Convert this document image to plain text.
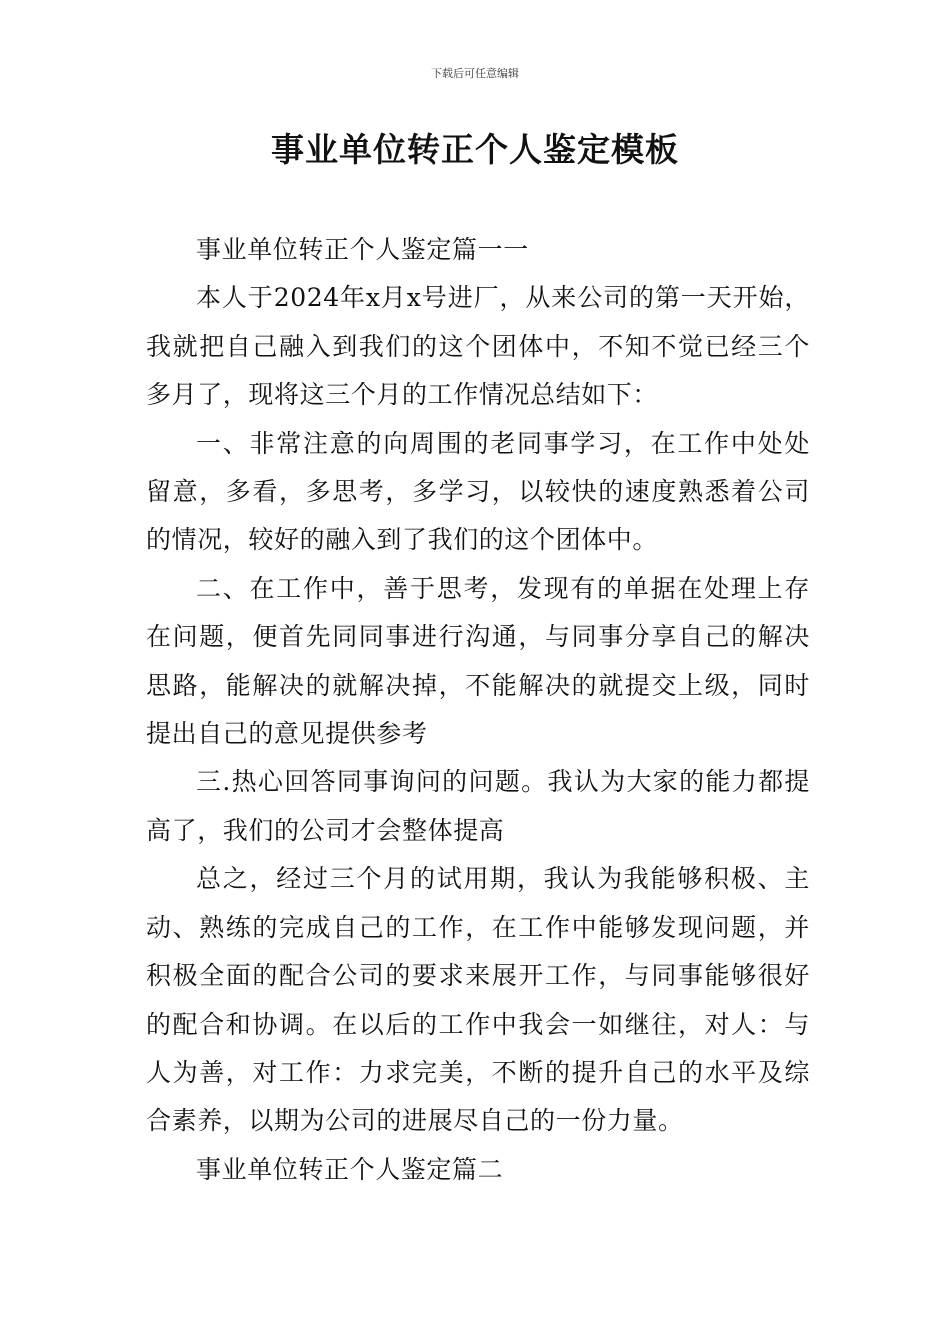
下载后可任意编辑
事业单位转正个人鉴定模板

事业单位转正个人鉴定篇一一

本人于2024年x月x号进厂，从来公司的第一天开始，我就把自己融入到我们的这个团体中，不知不觉已经三个多月了，现将这三个月的工作情况总结如下：

一、非常注意的向周围的老同事学习，在工作中处处留意，多看，多思考，多学习，以较快的速度熟悉着公司的情况，较好的融入到了我们的这个团体中。

二、在工作中，善于思考，发现有的单据在处理上存在问题，便首先同同事进行沟通，与同事分享自己的解决思路，能解决的就解决掉，不能解决的就提交上级，同时提出自己的意见提供参考

三.热心回答同事询问的问题。我认为大家的能力都提高了，我们的公司才会整体提高

总之，经过三个月的试用期，我认为我能够积极、主动、熟练的完成自己的工作，在工作中能够发现问题，并积极全面的配合公司的要求来展开工作，与同事能够很好的配合和协调。在以后的工作中我会一如继往，对人：与人为善，对工作：力求完美，不断的提升自己的水平及综合素养，以期为公司的进展尽自己的一份力量。

事业单位转正个人鉴定篇二
